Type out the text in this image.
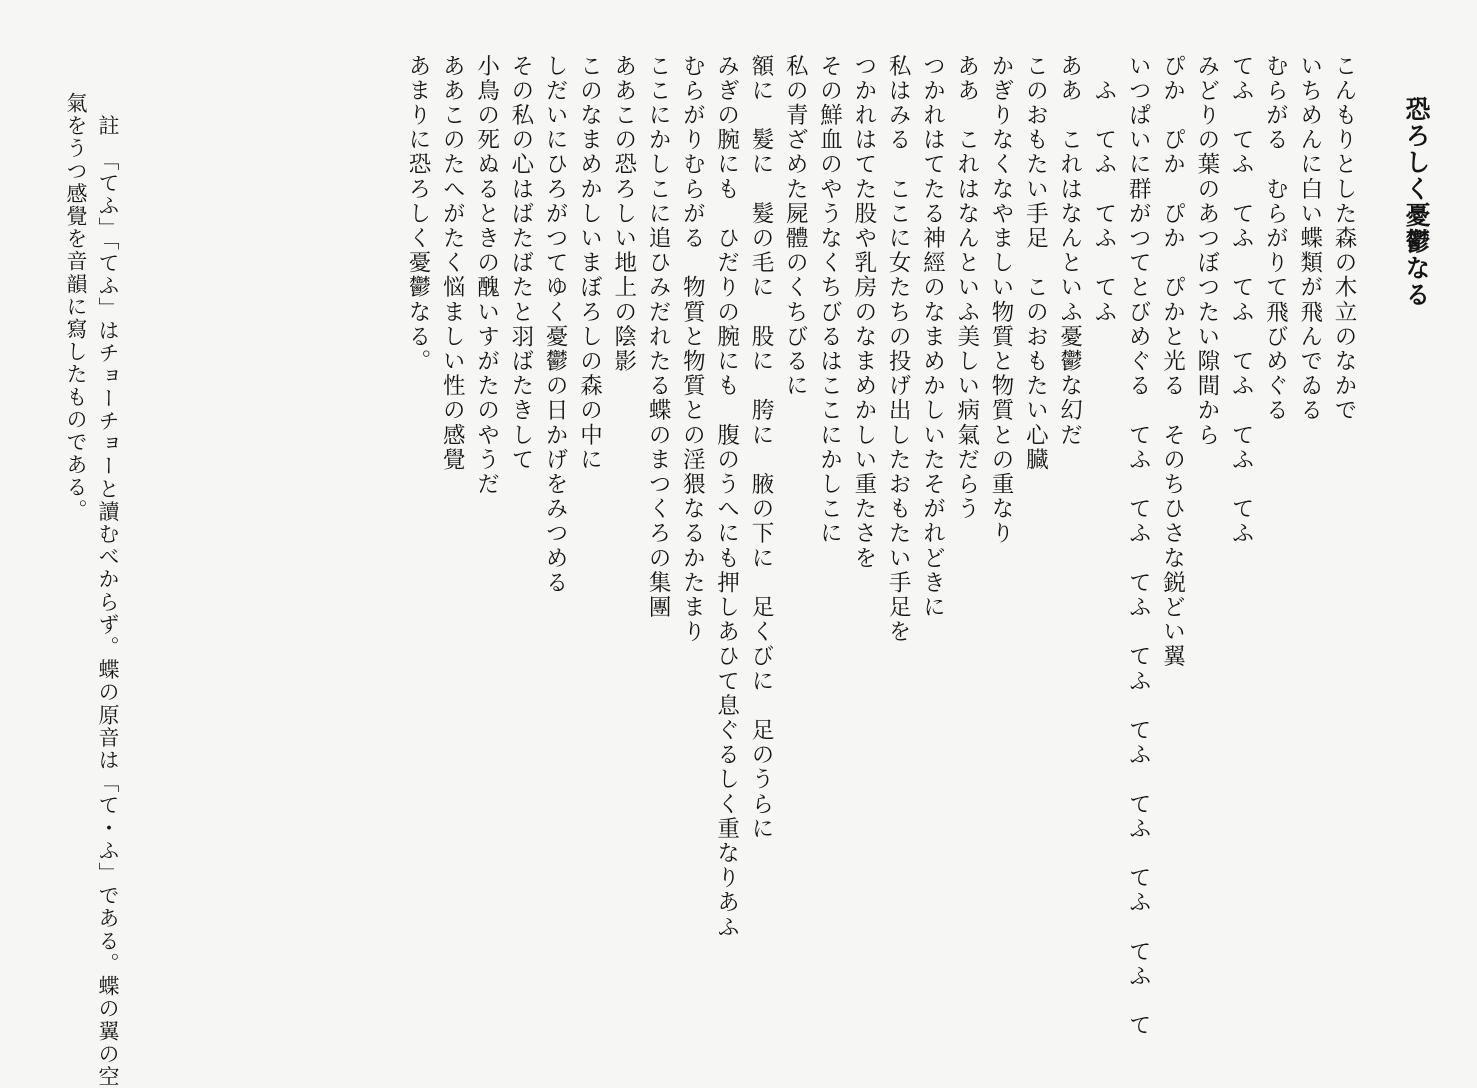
恐ろしく憂鬱なる
こんもりとした森の木立のなかで
いちめんに白い蝶類が飛んでゐる
むらがる　むらがりて飛びめぐる
てふ　てふ　てふ　てふ　てふ　てふ　てふ
みどりの葉のあつぼつたい隙間から
ぴか　ぴか　ぴか　ぴかと光る　そのちひさな鋭どい翼
いつぱいに群がつてとびめぐる　てふ　てふ　てふ　てふ　てふ　てふ　てふ　てふ　て
　ふ　てふ　てふ　てふ
ああ　これはなんといふ憂鬱な幻だ
このおもたい手足　このおもたい心臓
かぎりなくなやましい物質と物質との重なり
ああ　これはなんといふ美しい病氣だらう
つかれはてたる神經のなまめかしいたそがれどきに
私はみる　ここに女たちの投げ出したおもたい手足を
つかれはてた股や乳房のなまめかしい重たさを
その鮮血のやうなくちびるはここにかしこに
私の青ざめた屍體のくちびるに
額に　髮に　髮の毛に　股に　胯に　腋の下に　足くびに　足のうらに
みぎの腕にも　ひだりの腕にも　腹のうへにも押しあひて息ぐるしく重なりあふ
むらがりむらがる　物質と物質との淫猥なるかたまり
ここにかしこに追ひみだれたる蝶のまつくろの集團
ああこの恐ろしい地上の陰影
このなまめかしいまぼろしの森の中に
しだいにひろがつてゆく憂鬱の日かげをみつめる
その私の心はばたばたと羽ばたきして
小鳥の死ぬるときの醜いすがたのやうだ
ああこのたへがたく悩ましい性の感覺
あまりに恐ろしく憂鬱なる。
　註　「てふ」「てふ」はチョーチョーと讀むべからず。蝶の原音は「て・ふ」である。蝶の翼の空
氣をうつ感覺を音韻に寫したものである。
